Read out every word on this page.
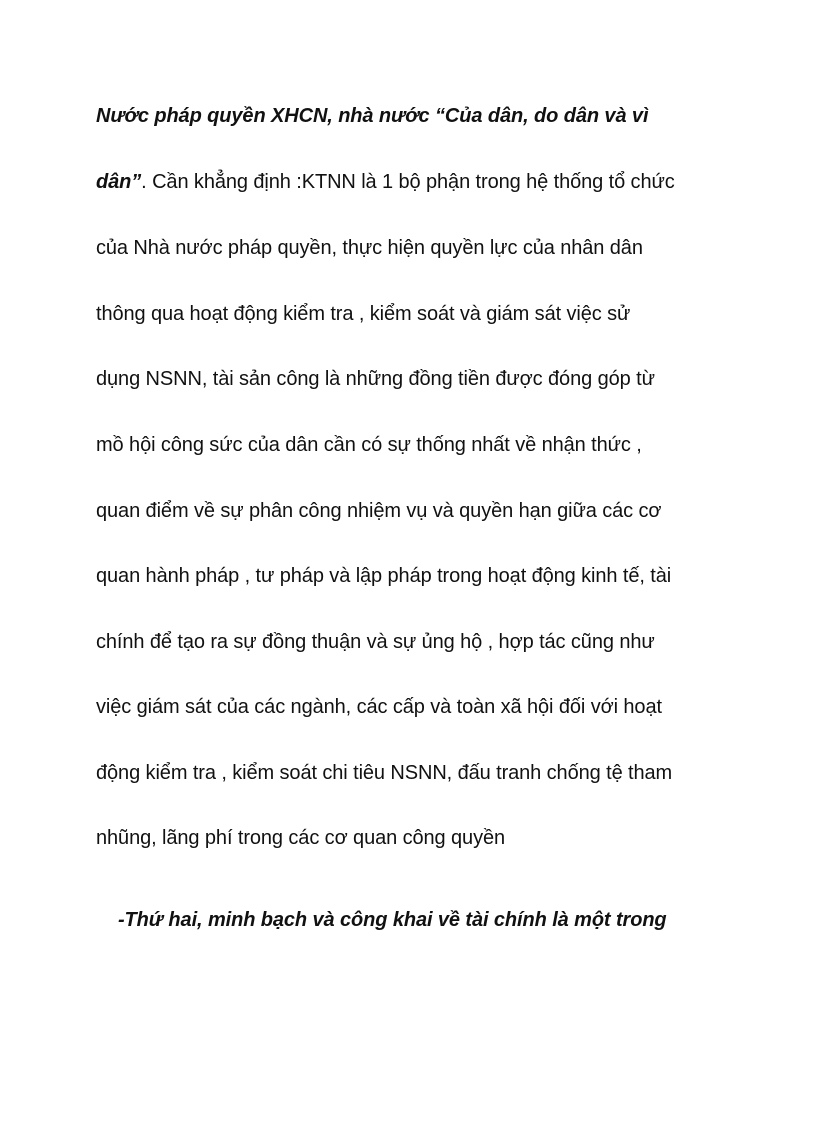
Nước pháp quyền XHCN, nhà nước “Của dân, do dân và vì
dân”. Cần khẳng định :KTNN là 1 bộ phận trong hệ thống tổ chức
của Nhà nước pháp quyền, thực hiện quyền lực của nhân dân
thông qua hoạt động kiểm tra , kiểm soát và giám sát việc sử
dụng NSNN, tài sản công là những đồng tiền được đóng góp từ
mồ hội công sức của dân cần có sự thống nhất về nhận thức ,
quan điểm về sự phân công nhiệm vụ và quyền hạn giữa các cơ
quan hành pháp , tư pháp và lập pháp trong hoạt động kinh tế, tài
chính để tạo ra sự đồng thuận và sự ủng hộ , hợp tác cũng như
việc giám sát của các ngành, các cấp và toàn xã hội đối với hoạt
động kiểm tra , kiểm soát chi tiêu NSNN, đấu tranh chống tệ tham
nhũng, lãng phí trong các cơ quan công quyền
-Thứ hai, minh bạch và công khai về tài chính là một trong
